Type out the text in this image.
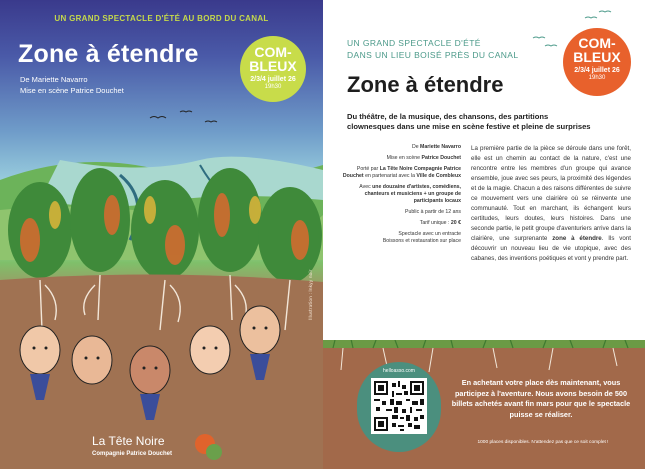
UN GRAND SPECTACLE D'ÉTÉ AU BORD DU CANAL
Zone à étendre
De Mariette Navarro
Mise en scène Patrice Douchet
COM-
BLEUX
2/3/4 juillet 26
19h30
La Tête Noire
Compagnie Patrice Douchet
Illustration : Inkyy noir
UN GRAND SPECTACLE D'ÉTÉ
DANS UN LIEU BOISÉ PRÈS DU CANAL
COM-
BLEUX
2/3/4 juillet 26
19h30
Zone à étendre
Du théâtre, de la musique, des chansons, des partitions clownesques dans une mise en scène festive et pleine de surprises

De Mariette Navarro

Mise en scène Patrice Douchet

Porté par La Tête Noire Compagnie Patrice Douchet en partenariat avec la Ville de Combleux

Avec une douzaine d'artistes, comédiens, chanteurs et musiciens + un groupe de participants locaux

Public à partir de 12 ans

Tarif unique : 20 €

Spectacle avec un entracte

Boissons et restauration sur place

La première partie de la pièce se déroule dans une forêt, elle est un chemin au contact de la nature, c'est une rencontre entre les membres d'un groupe qui avance ensemble, joue avec ses peurs, la proximité des légendes et de la magie. Chacun a des raisons différentes de suivre ce mouvement vers une clairière où se réinvente une communauté. Tout en marchant, ils échangent leurs certitudes, leurs doutes, leurs histoires. Dans une seconde partie, le petit groupe d'aventuriers arrive dans la clairière, une surprenante zone à étendre. Ils vont découvrir un nouveau lieu de vie utopique, avec des cabanes, des inventions poétiques et vont y prendre part.
helloasso.com
En achetant votre place dès maintenant, vous participez à l'aventure. Nous avons besoin de 500 billets achetés avant fin mars pour que le spectacle puisse se réaliser.
1000 places disponibles. N'attendez pas que ce soit complet !
